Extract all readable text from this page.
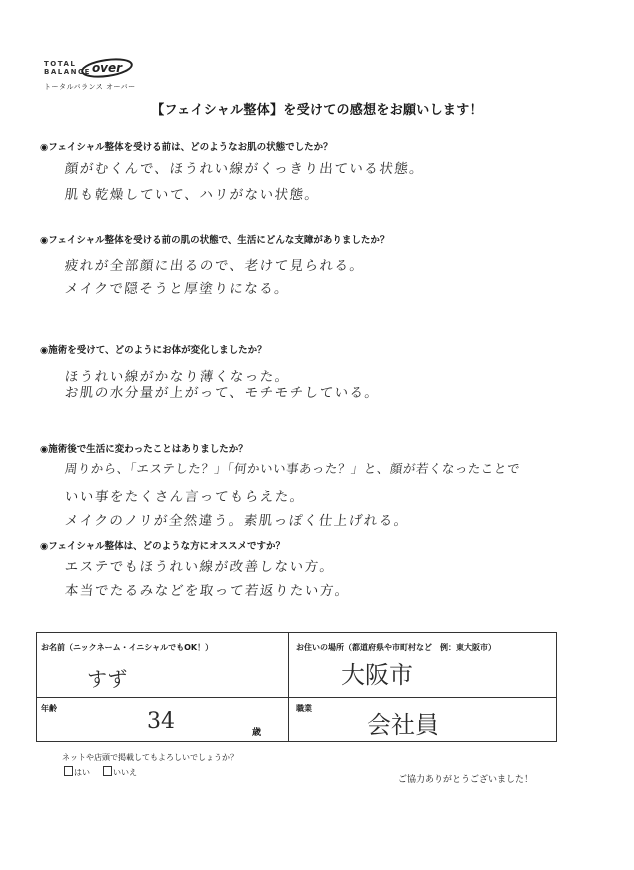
TOTAL
BALANCE over
トータルバランス オーバー
【フェイシャル整体】を受けての感想をお願いします！
◉フェイシャル整体を受ける前は、どのようなお肌の状態でしたか？
顔がむくんで、ほうれい線がくっきり出ている状態。
肌も乾燥していて、ハリがない状態。
◉フェイシャル整体を受ける前の肌の状態で、生活にどんな支障がありましたか？
疲れが全部顔に出るので、老けて見られる。
メイクで隠そうと厚塗りになる。
◉施術を受けて、どのようにお体が変化しましたか？
ほうれい線がかなり薄くなった。
お肌の水分量が上がって、モチモチしている。
◉施術後で生活に変わったことはありましたか？
周りから、「エステした？」「何かいい事あった？」と、顔が若くなったことで
いい事をたくさん言ってもらえた。
メイクのノリが全然違う。素肌っぽく仕上げれる。
◉フェイシャル整体は、どのような方にオススメですか？
エステでもほうれい線が改善しない方。
本当でたるみなどを取って若返りたい方。
お名前（ニックネーム・イニシャルでもOK！）
すず
お住いの場所（都道府県や市町村など　例：東大阪市）
大阪市
年齢
34	歳
職業
会社員
ネットや店頭で掲載してもよろしいでしょうか？
はい	いいえ
ご協力ありがとうございました！
